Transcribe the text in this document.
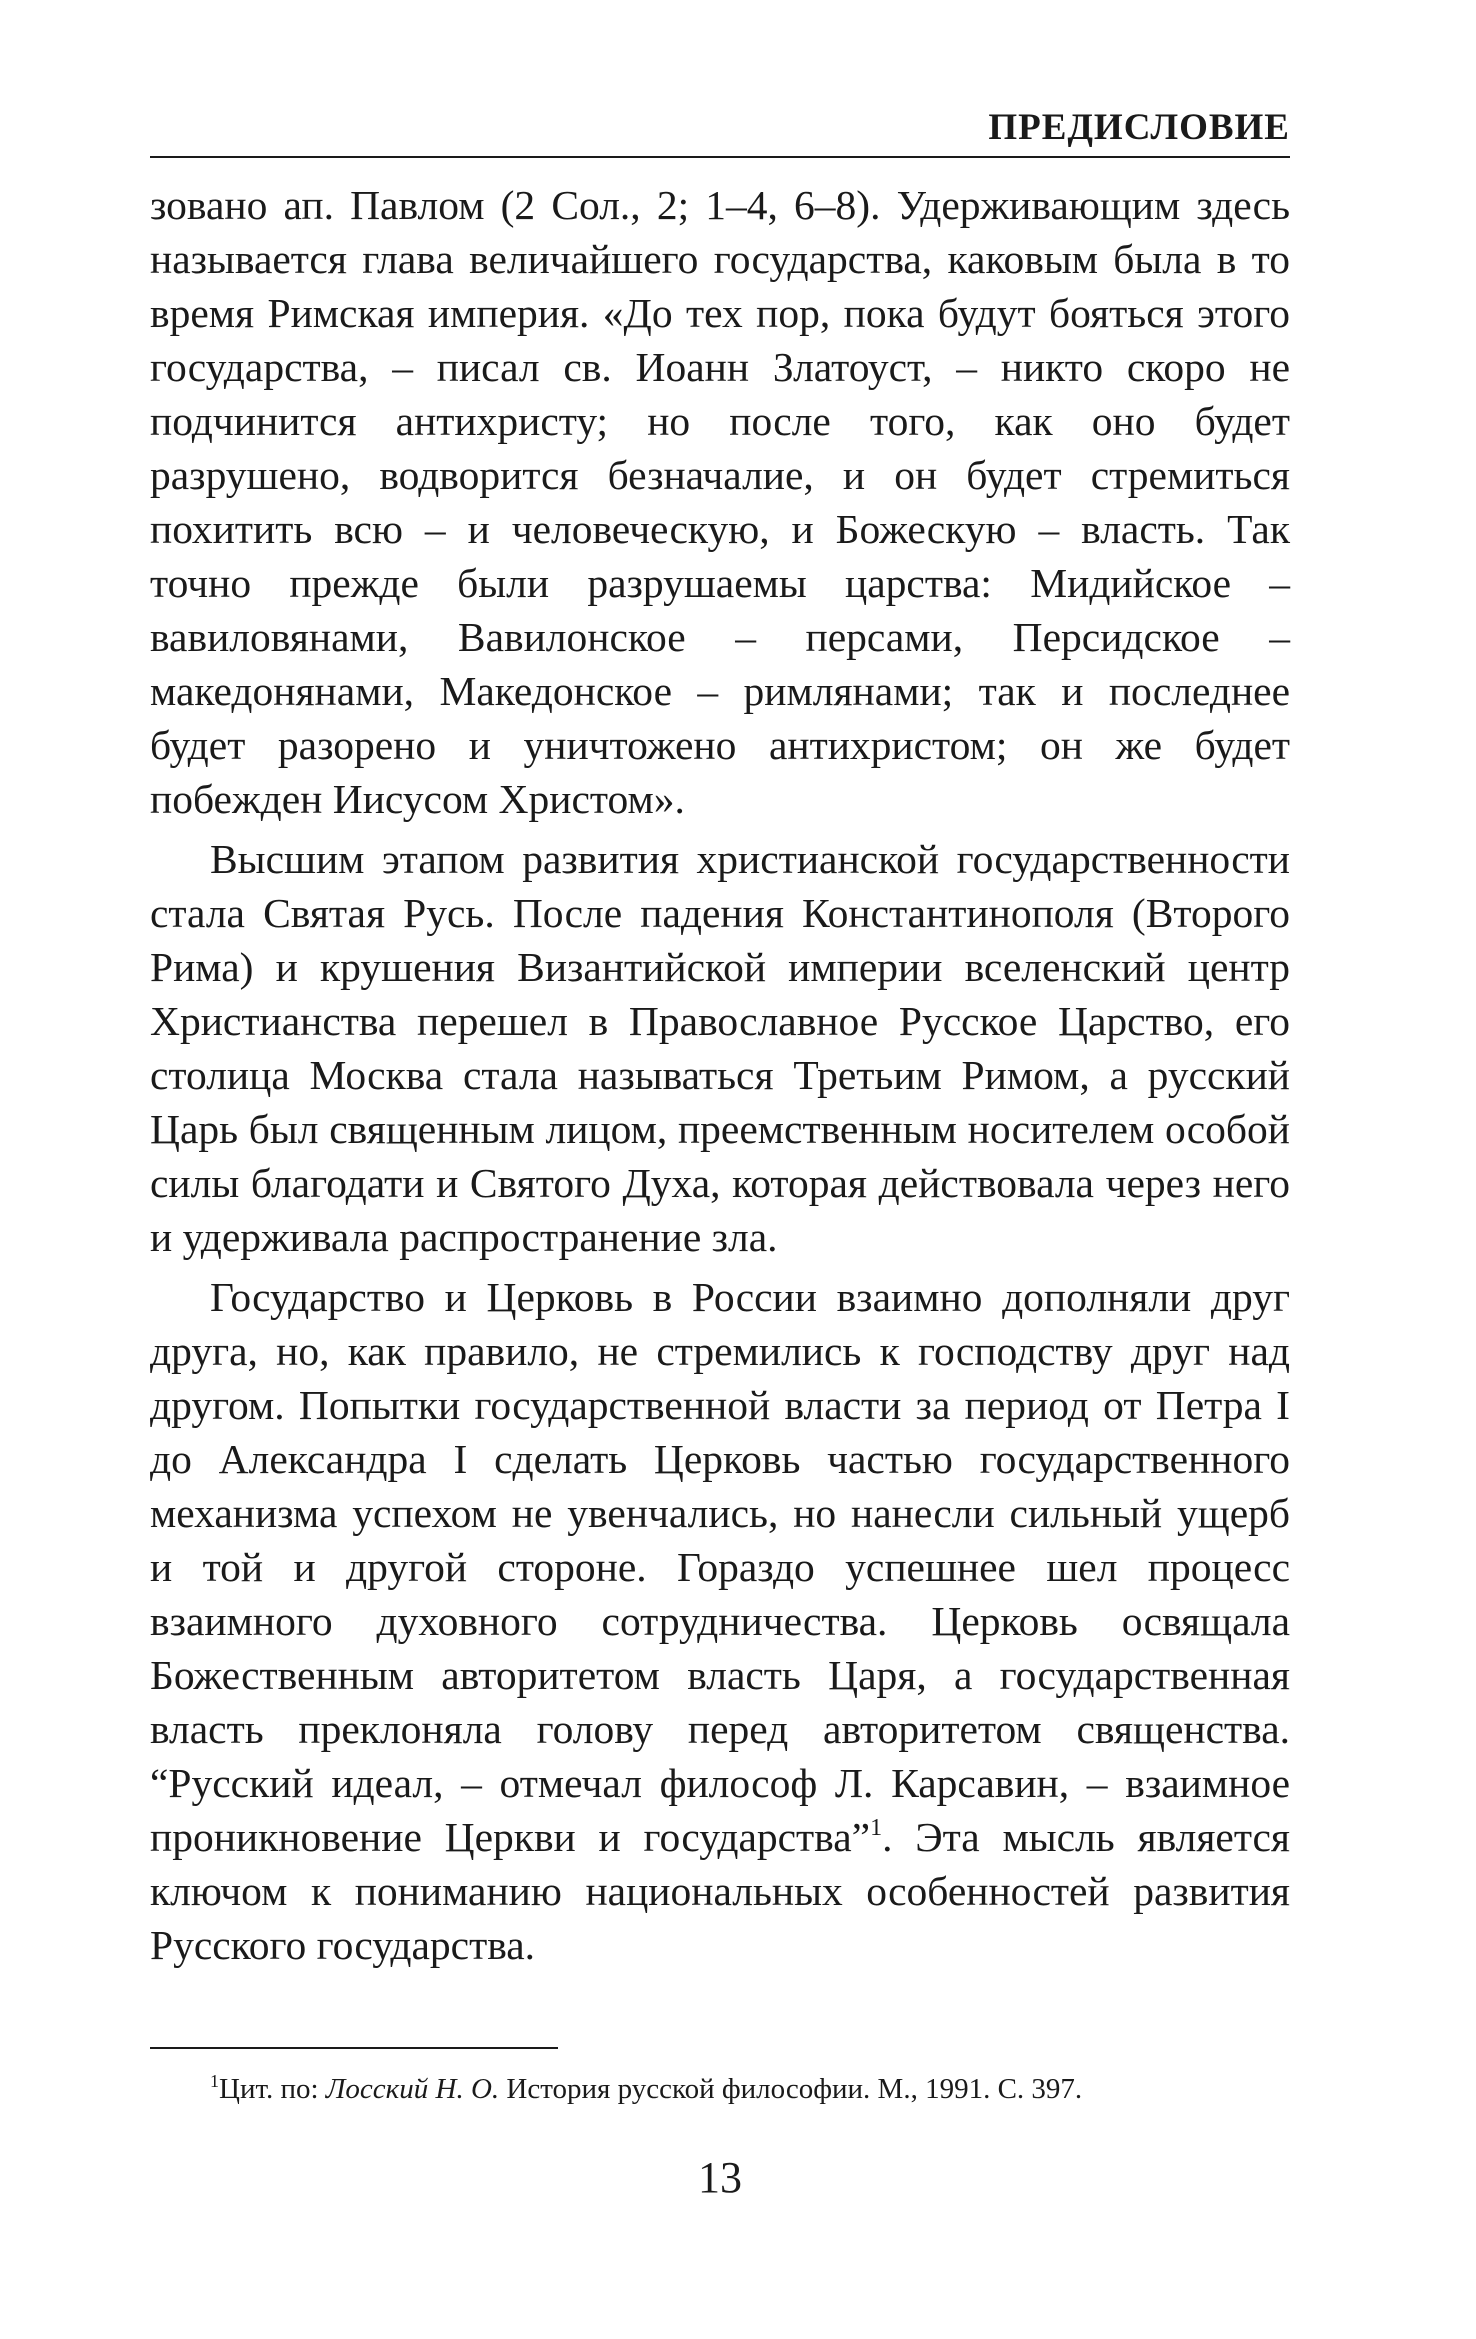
ПРЕДИСЛОВИЕ

зовано ап. Павлом (2 Сол., 2; 1–4, 6–8). Удерживающим здесь называется глава величайшего государства, каковым была в то время Римская империя. «До тех пор, пока будут бояться этого государства, – писал св. Иоанн Златоуст, – никто скоро не подчинится антихристу; но после того, как оно будет разрушено, водворится безначалие, и он будет стремиться похитить всю – и человеческую, и Божескую – власть. Так точно прежде были разрушаемы царства: Мидийское – вавиловянами, Вавилонское – персами, Персидское – македонянами, Македонское – римлянами; так и последнее будет разорено и уничтожено антихристом; он же будет побежден Иисусом Христом».

Высшим этапом развития христианской государственности стала Святая Русь. После падения Константинополя (Второго Рима) и крушения Византийской империи вселенский центр Христианства перешел в Православное Русское Царство, его столица Москва стала называться Третьим Римом, а русский Царь был священным лицом, преемственным носителем особой силы благодати и Святого Духа, которая действовала через него и удерживала распространение зла.

Государство и Церковь в России взаимно дополняли друг друга, но, как правило, не стремились к господству друг над другом. Попытки государственной власти за период от Петра I до Александра I сделать Церковь частью государственного механизма успехом не увенчались, но нанесли сильный ущерб и той и другой стороне. Гораздо успешнее шел процесс взаимного духовного сотрудничества. Церковь освящала Божественным авторитетом власть Царя, а государственная власть преклоняла голову перед авторитетом священства. “Русский идеал, – отмечал философ Л. Карсавин, – взаимное проникновение Церкви и государства”$^1$. Эта мысль является ключом к пониманию национальных особенностей развития Русского государства.

$^1$Цит. по: Лосский Н. О. История русской философии. М., 1991. С. 397.
13
